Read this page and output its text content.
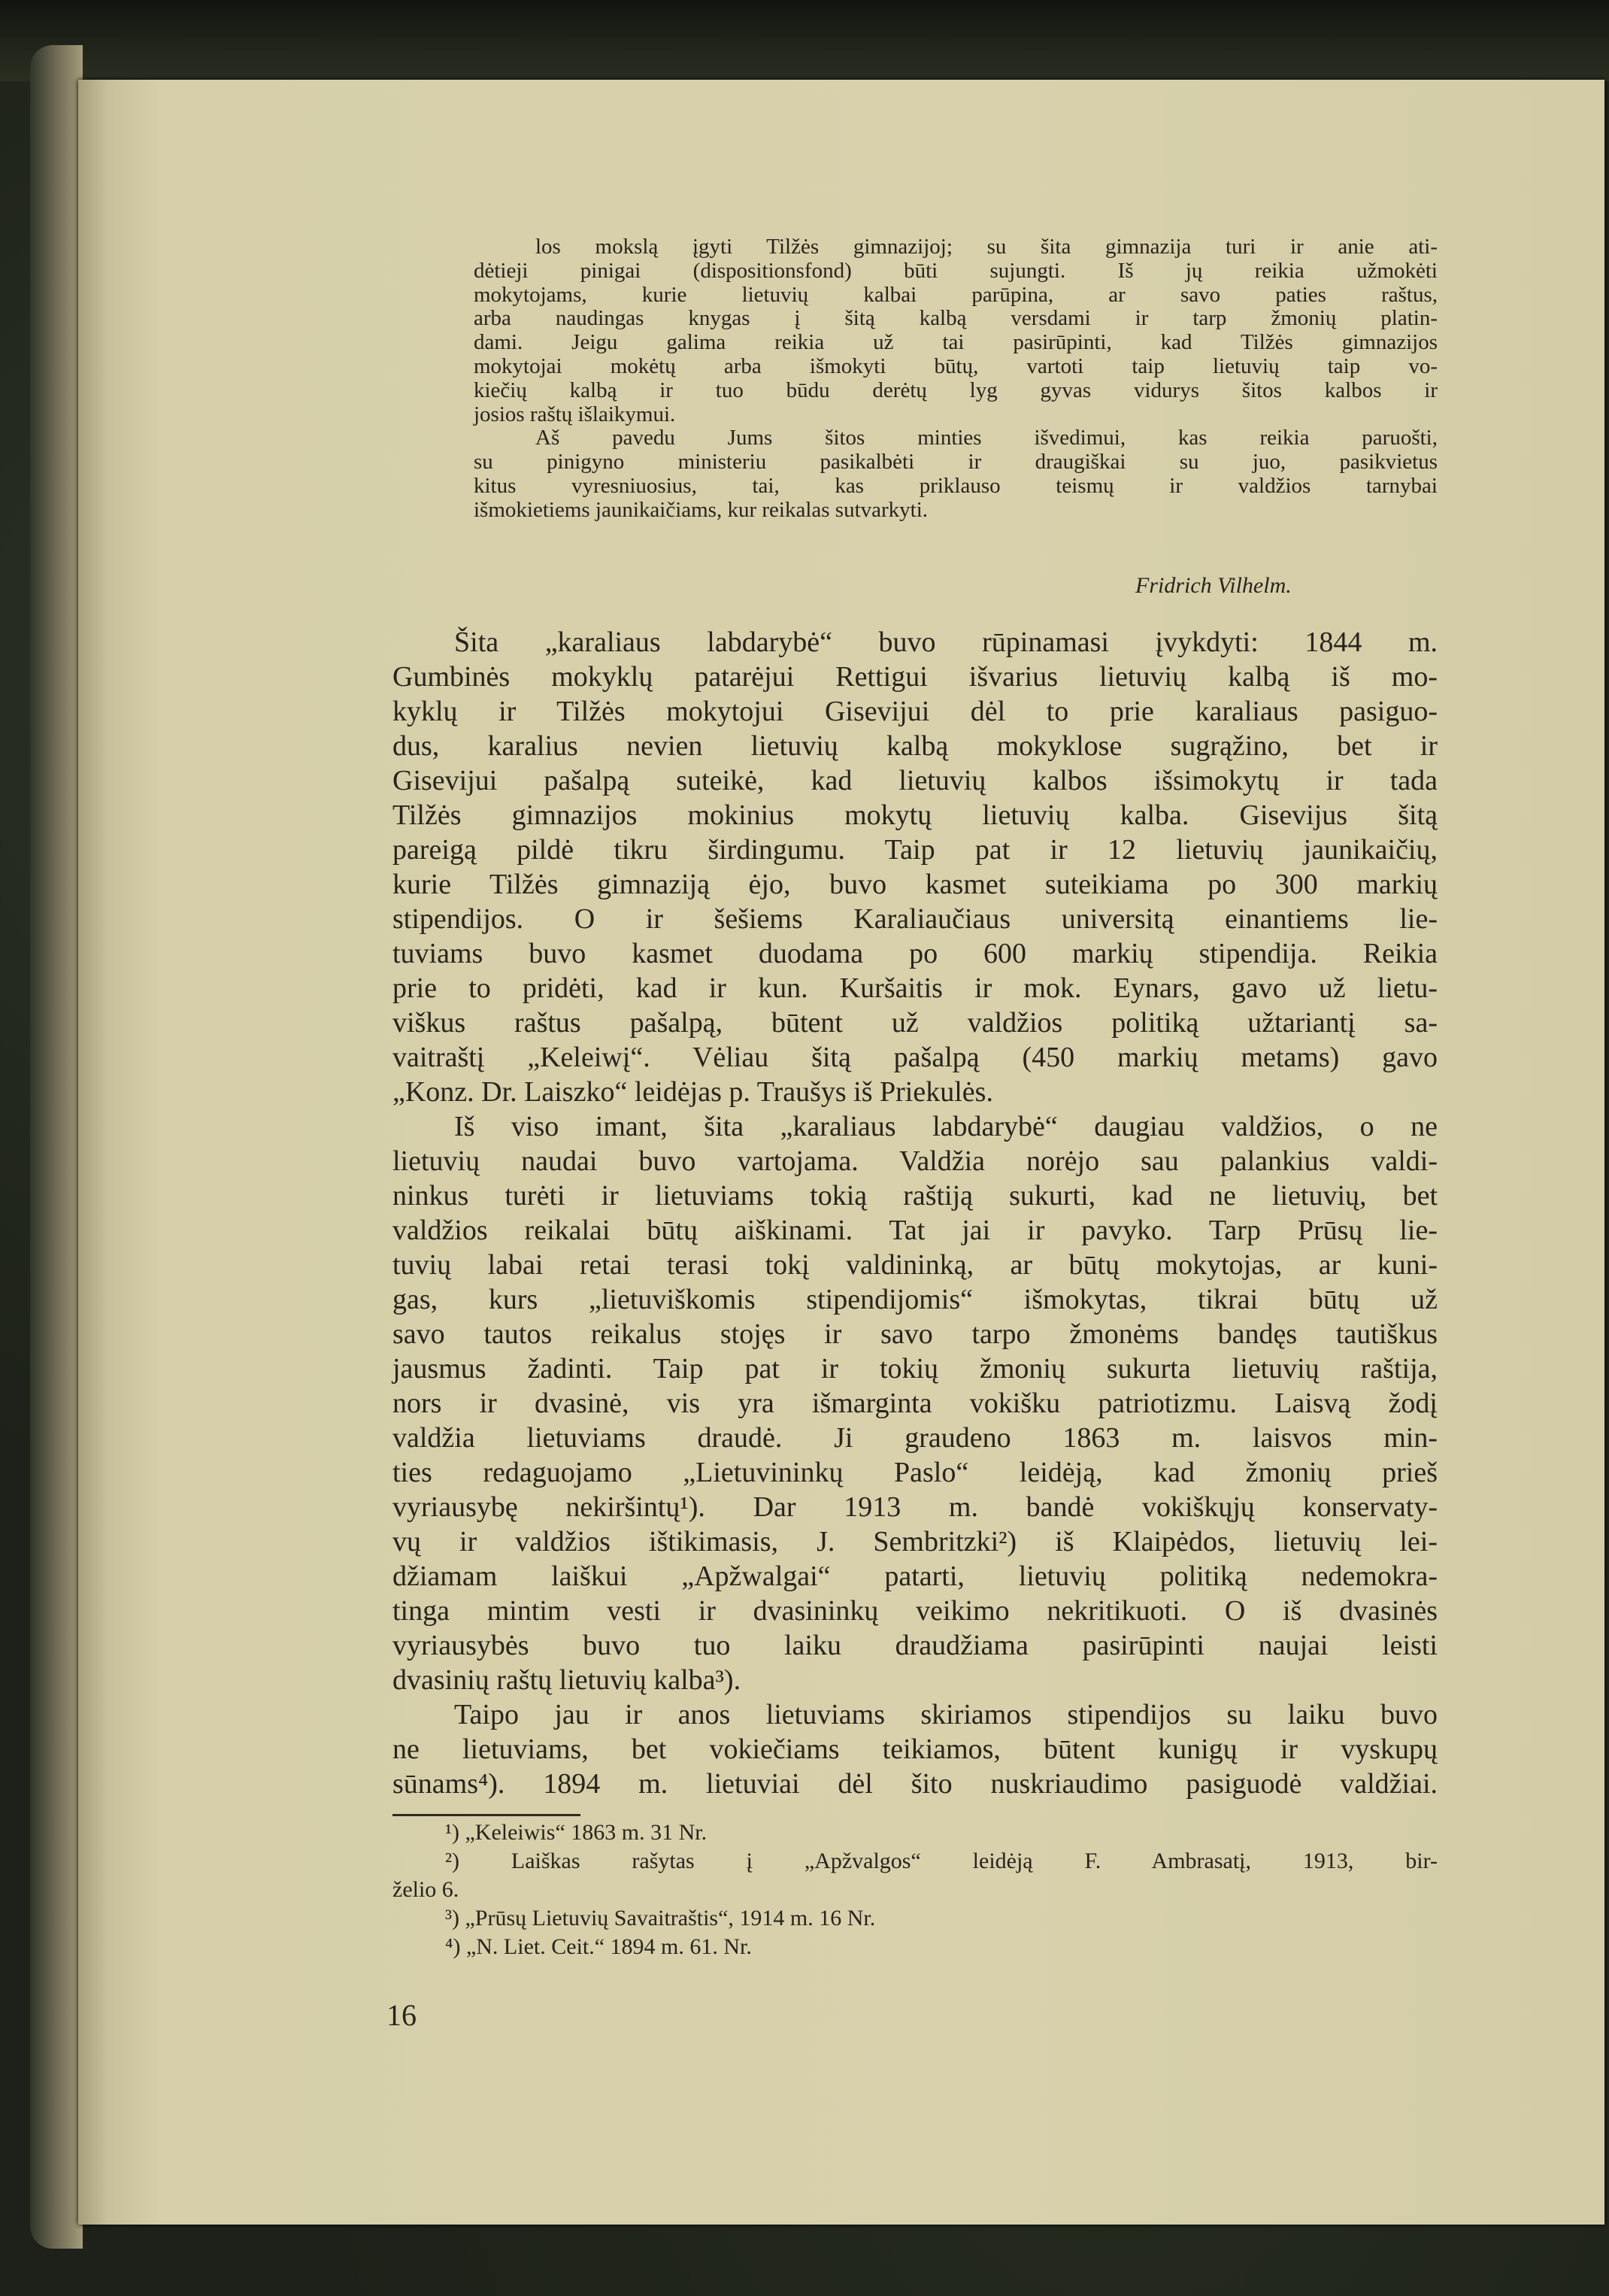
los mokslą įgyti Tilžės gimnazijoj; su šita gimnazija turi ir anie ati-
dėtieji pinigai (dispositionsfond) būti sujungti. Iš jų reikia užmokėti
mokytojams, kurie lietuvių kalbai parūpina, ar savo paties raštus,
arba naudingas knygas į šitą kalbą versdami ir tarp žmonių platin-
dami. Jeigu galima reikia už tai pasirūpinti, kad Tilžės gimnazijos
mokytojai mokėtų arba išmokyti būtų, vartoti taip lietuvių taip vo-
kiečių kalbą ir tuo būdu derėtų lyg gyvas vidurys šitos kalbos ir
josios raštų išlaikymui.
Aš pavedu Jums šitos minties išvedimui, kas reikia paruošti,
su pinigyno ministeriu pasikalbėti ir draugiškai su juo, pasikvietus
kitus vyresniuosius, tai, kas priklauso teismų ir valdžios tarnybai
išmokietiems jaunikaičiams, kur reikalas sutvarkyti.
Fridrich Vilhelm.
Šita „karaliaus labdarybė“ buvo rūpinamasi įvykdyti: 1844 m.
Gumbinės mokyklų patarėjui Rettigui išvarius lietuvių kalbą iš mo-
kyklų ir Tilžės mokytojui Gisevijui dėl to prie karaliaus pasiguo-
dus, karalius nevien lietuvių kalbą mokyklose sugrąžino, bet ir
Gisevijui pašalpą suteikė, kad lietuvių kalbos išsimokytų ir tada
Tilžės gimnazijos mokinius mokytų lietuvių kalba. Gisevijus šitą
pareigą pildė tikru širdingumu. Taip pat ir 12 lietuvių jaunikaičių,
kurie Tilžės gimnaziją ėjo, buvo kasmet suteikiama po 300 markių
stipendijos. O ir šešiems Karaliaučiaus universitą einantiems lie-
tuviams buvo kasmet duodama po 600 markių stipendija. Reikia
prie to pridėti, kad ir kun. Kuršaitis ir mok. Eynars, gavo už lietu-
viškus raštus pašalpą, būtent už valdžios politiką užtariantį sa-
vaitraštį „Keleiwį“. Vėliau šitą pašalpą (450 markių metams) gavo
„Konz. Dr. Laiszko“ leidėjas p. Traušys iš Priekulės.
Iš viso imant, šita „karaliaus labdarybė“ daugiau valdžios, o ne
lietuvių naudai buvo vartojama. Valdžia norėjo sau palankius valdi-
ninkus turėti ir lietuviams tokią raštiją sukurti, kad ne lietuvių, bet
valdžios reikalai būtų aiškinami. Tat jai ir pavyko. Tarp Prūsų lie-
tuvių labai retai terasi tokį valdininką, ar būtų mokytojas, ar kuni-
gas, kurs „lietuviškomis stipendijomis“ išmokytas, tikrai būtų už
savo tautos reikalus stojęs ir savo tarpo žmonėms bandęs tautiškus
jausmus žadinti. Taip pat ir tokių žmonių sukurta lietuvių raštija,
nors ir dvasinė, vis yra išmarginta vokišku patriotizmu. Laisvą žodį
valdžia lietuviams draudė. Ji graudeno 1863 m. laisvos min-
ties redaguojamo „Lietuvininkų Paslo“ leidėją, kad žmonių prieš
vyriausybę nekiršintų¹). Dar 1913 m. bandė vokiškųjų konservaty-
vų ir valdžios ištikimasis, J. Sembritzki²) iš Klaipėdos, lietuvių lei-
džiamam laiškui „Apžwalgai“ patarti, lietuvių politiką nedemokra-
tinga mintim vesti ir dvasininkų veikimo nekritikuoti. O iš dvasinės
vyriausybės buvo tuo laiku draudžiama pasirūpinti naujai leisti
dvasinių raštų lietuvių kalba³).
Taipo jau ir anos lietuviams skiriamos stipendijos su laiku buvo
ne lietuviams, bet vokiečiams teikiamos, būtent kunigų ir vyskupų
sūnams⁴). 1894 m. lietuviai dėl šito nuskriaudimo pasiguodė valdžiai.
¹) „Keleiwis“ 1863 m. 31 Nr.
²) Laiškas rašytas į „Apžvalgos“ leidėją F. Ambrasatį, 1913, bir-
želio 6.
³) „Prūsų Lietuvių Savaitraštis“, 1914 m. 16 Nr.
⁴) „N. Liet. Ceit.“ 1894 m. 61. Nr.
16
